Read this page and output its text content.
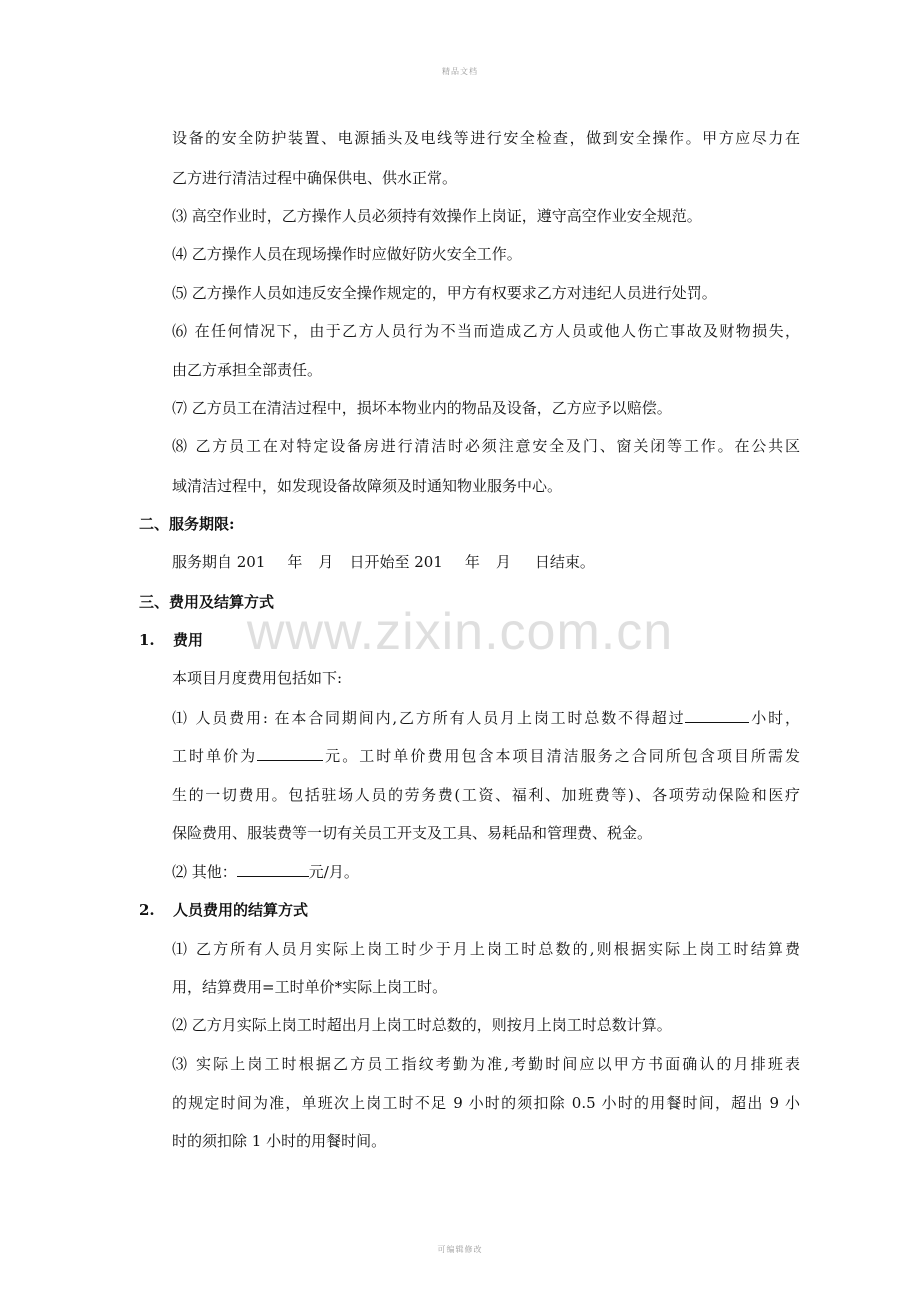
精品文档
www.zixin.com.cn
设备的安全防护装置、电源插头及电线等进行安全检查，做到安全操作。甲方应尽力在
乙方进行清洁过程中确保供电、供水正常。
⑶ 高空作业时，乙方操作人员必须持有效操作上岗证，遵守高空作业安全规范。
⑷ 乙方操作人员在现场操作时应做好防火安全工作。
⑸ 乙方操作人员如违反安全操作规定的，甲方有权要求乙方对违纪人员进行处罚。
⑹ 在任何情况下，由于乙方人员行为不当而造成乙方人员或他人伤亡事故及财物损失，
由乙方承担全部责任。
⑺ 乙方员工在清洁过程中，损坏本物业内的物品及设备，乙方应予以赔偿。
⑻ 乙方员工在对特定设备房进行清洁时必须注意安全及门、窗关闭等工作。在公共区
域清洁过程中，如发现设备故障须及时通知物业服务中心。
二、服务期限:
服务期自 201 年 月 日开始至 201 年 月 日结束。
三、费用及结算方式
1. 费用
本项目月度费用包括如下:
⑴ 人员费用: 在本合同期间内,乙方所有人员月上岗工时总数不得超过	小时，
工时单价为	元。工时单价费用包含本项目清洁服务之合同所包含项目所需发
生的一切费用。包括驻场人员的劳务费(工资、福利、加班费等)、各项劳动保险和医疗
保险费用、服装费等一切有关员工开支及工具、易耗品和管理费、税金。
⑵ 其他：	元/月。
2. 人员费用的结算方式
⑴ 乙方所有人员月实际上岗工时少于月上岗工时总数的,则根据实际上岗工时结算费
用，结算费用=工时单价*实际上岗工时。
⑵ 乙方月实际上岗工时超出月上岗工时总数的，则按月上岗工时总数计算。
⑶ 实际上岗工时根据乙方员工指纹考勤为准,考勤时间应以甲方书面确认的月排班表
的规定时间为准，单班次上岗工时不足 9 小时的须扣除 0.5 小时的用餐时间，超出 9 小
时的须扣除 1 小时的用餐时间。
可编辑修改
